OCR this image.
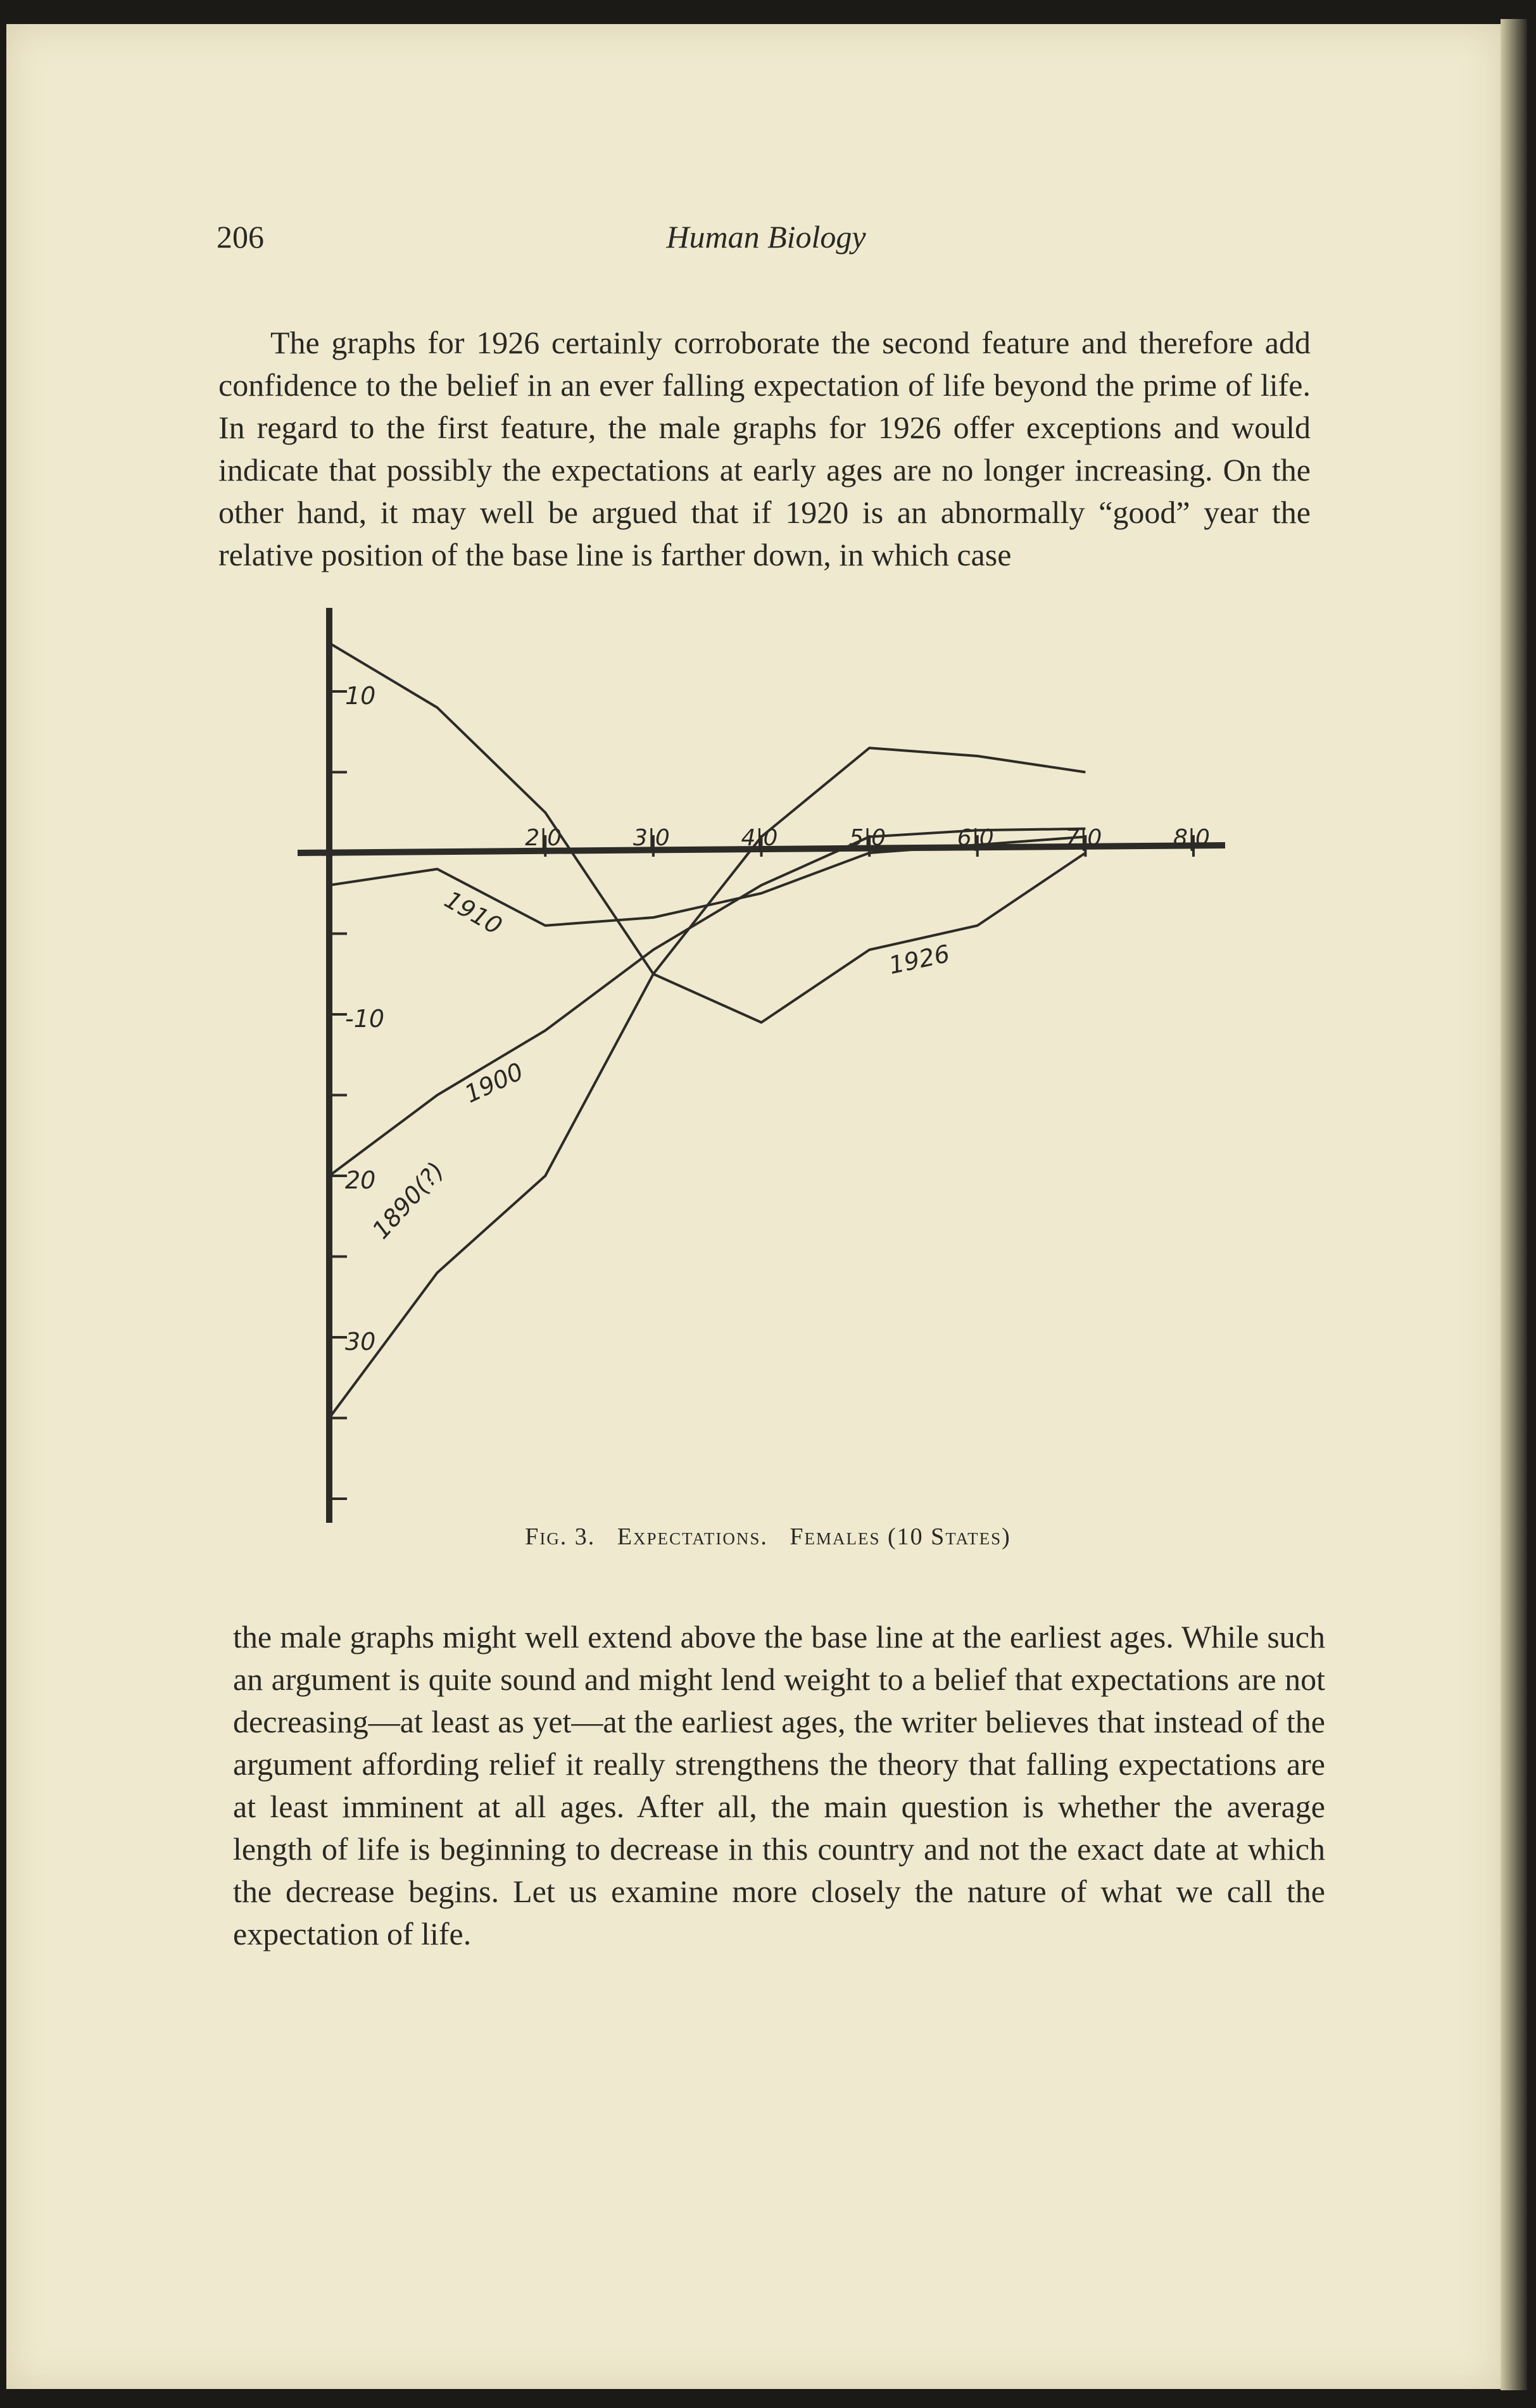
206	Human Biology

The graphs for 1926 certainly corroborate the second feature and therefore add confidence to the belief in an ever falling expectation of life beyond the prime of life. In regard to the first feature, the male graphs for 1926 offer exceptions and would indicate that possibly the expectations at early ages are no longer increasing. On the other hand, it may well be argued that if 1920 is an abnormally “good” year the relative position of the base line is farther down, in which case

10
-10
20
30
2|0	3|0	4|0	5|0	6|0	7|0	8|0
1890(?)
1900
1910
1926
Fig. 3. Expectations. Females (10 States)

the male graphs might well extend above the base line at the earliest ages. While such an argument is quite sound and might lend weight to a belief that expectations are not decreasing—at least as yet—at the earliest ages, the writer believes that instead of the argument affording relief it really strengthens the theory that falling expectations are at least imminent at all ages. After all, the main question is whether the average length of life is beginning to decrease in this country and not the exact date at which the decrease begins. Let us examine more closely the nature of what we call the expectation of life.
